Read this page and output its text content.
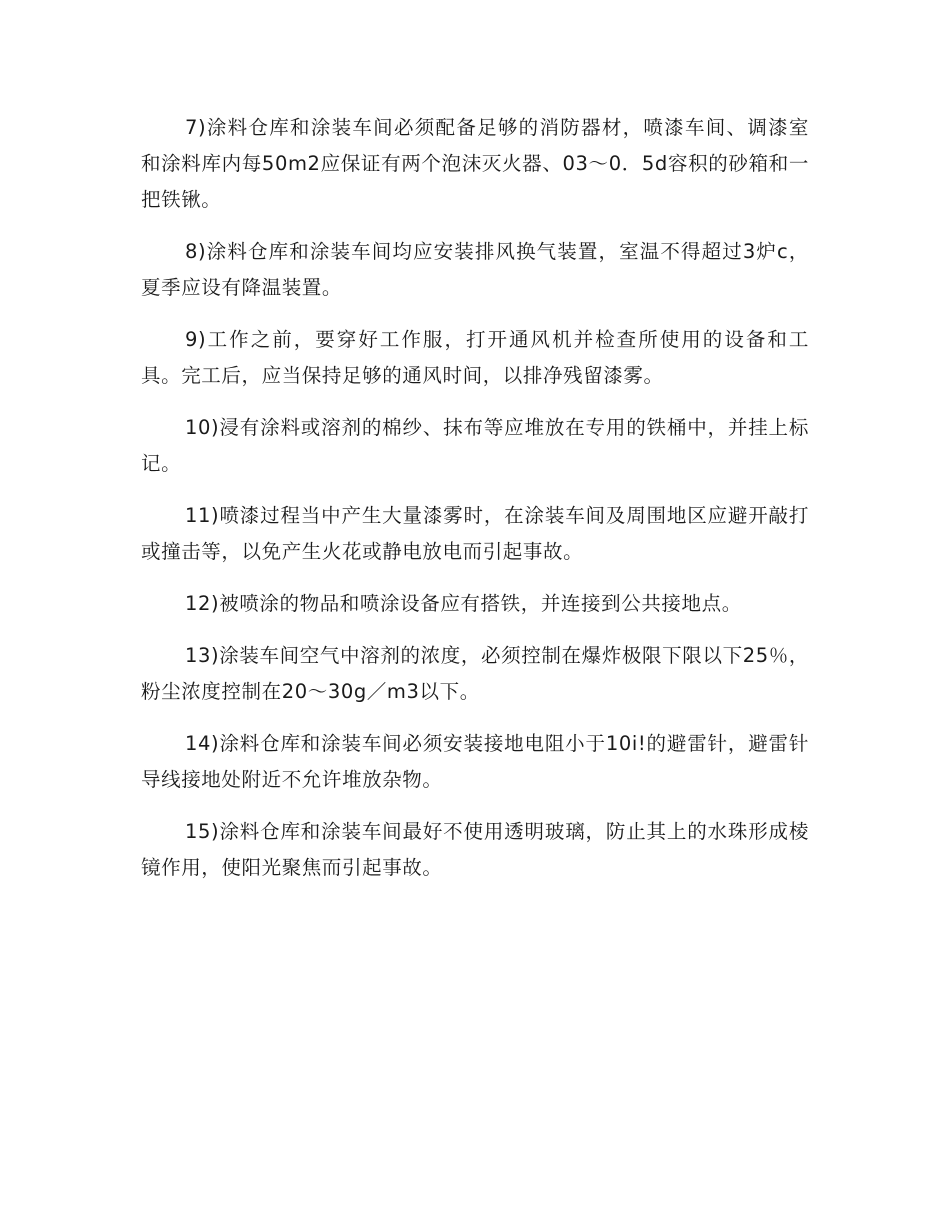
7)涂料仓库和涂装车间必须配备足够的消防器材，喷漆车间、调漆室和涂料库内每50m2应保证有两个泡沫灭火器、03～0．5d容积的砂箱和一把铁锹。

8)涂料仓库和涂装车间均应安装排风换气装置，室温不得超过3炉c，夏季应设有降温装置。

9)工作之前，要穿好工作服，打开通风机并检查所使用的设备和工具。完工后，应当保持足够的通风时间，以排净残留漆雾。

10)浸有涂料或溶剂的棉纱、抹布等应堆放在专用的铁桶中，并挂上标记。

11)喷漆过程当中产生大量漆雾时，在涂装车间及周围地区应避开敲打或撞击等，以免产生火花或静电放电而引起事故。

12)被喷涂的物品和喷涂设备应有搭铁，并连接到公共接地点。

13)涂装车间空气中溶剂的浓度，必须控制在爆炸极限下限以下25％，粉尘浓度控制在20～30g／m3以下。

14)涂料仓库和涂装车间必须安装接地电阻小于10i!的避雷针，避雷针导线接地处附近不允许堆放杂物。

15)涂料仓库和涂装车间最好不使用透明玻璃，防止其上的水珠形成棱镜作用，使阳光聚焦而引起事故。
